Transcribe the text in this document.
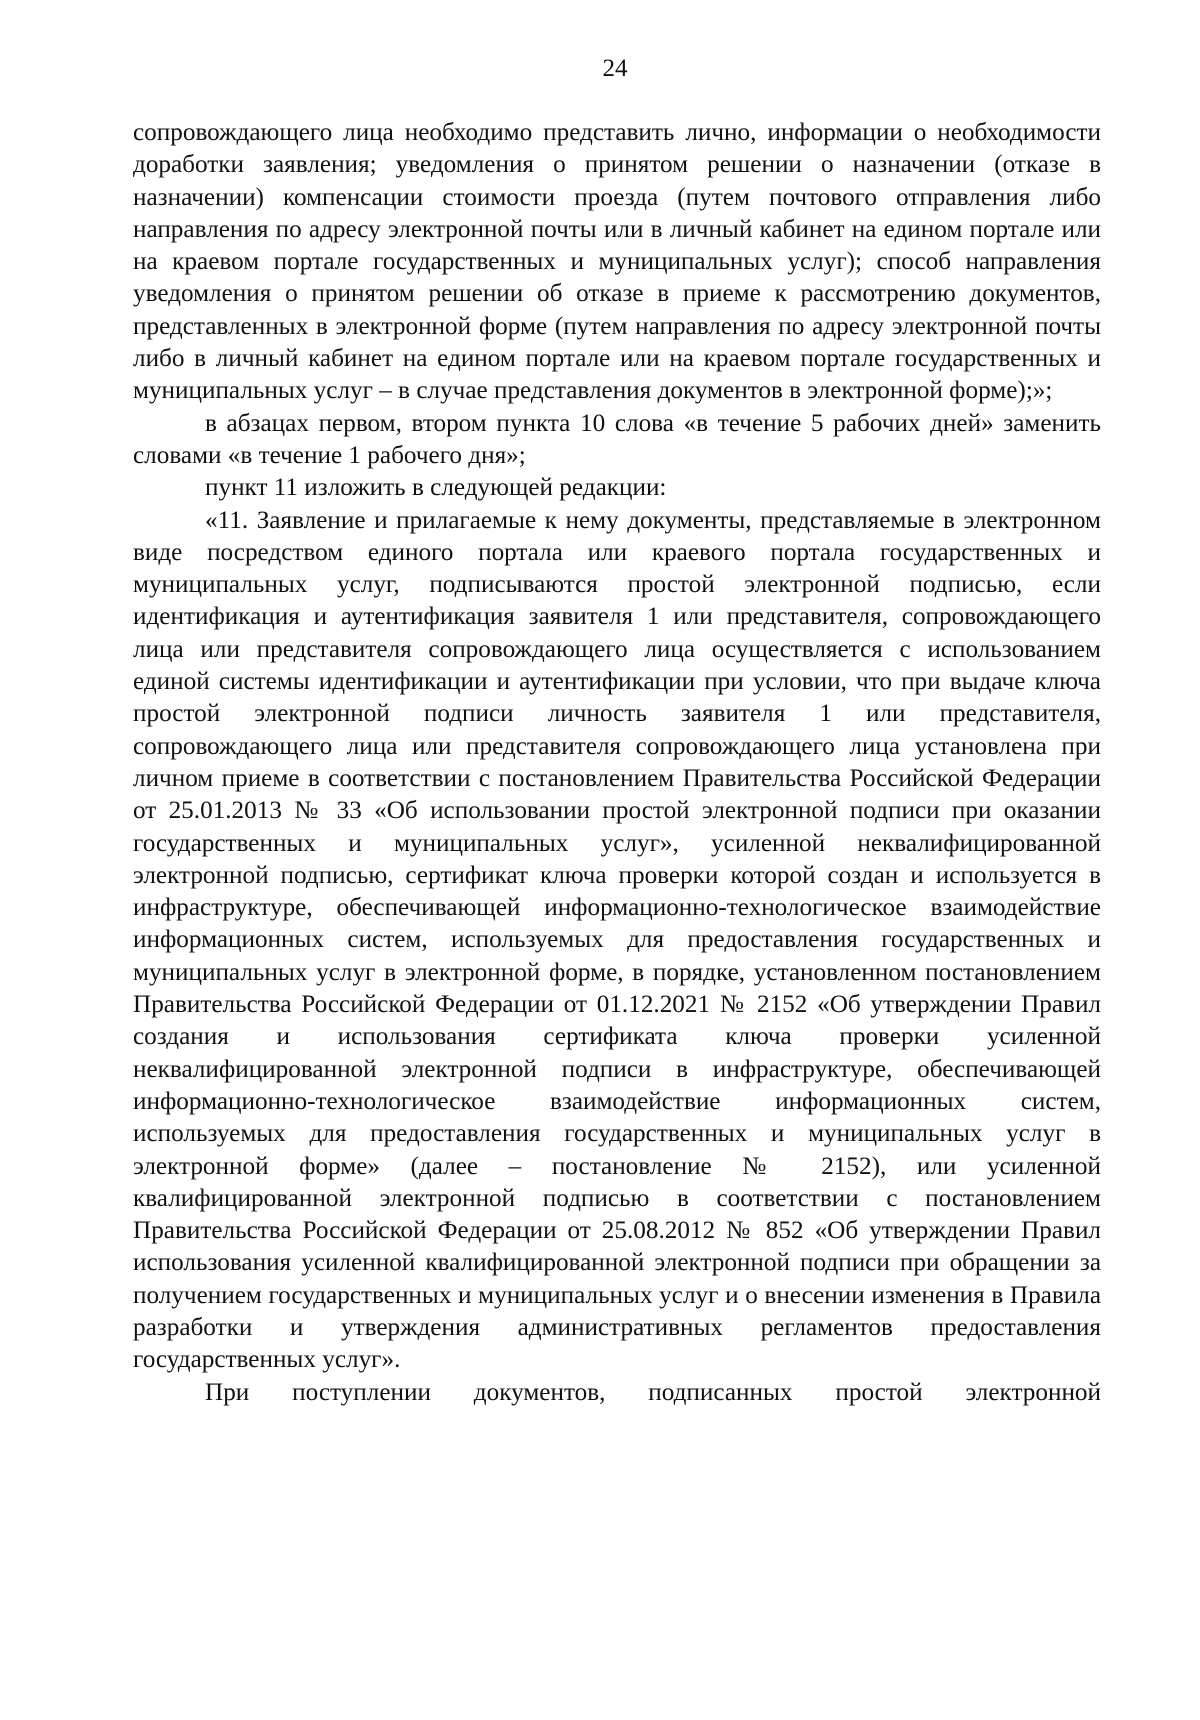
24

сопровождающего лица необходимо представить лично, информации о необходимости доработки заявления; уведомления о принятом решении о назначении (отказе в назначении) компенсации стоимости проезда (путем почтового отправления либо направления по адресу электронной почты или в личный кабинет на едином портале или на краевом портале государственных и муниципальных услуг); способ направления уведомления о принятом решении об отказе в приеме к рассмотрению документов, представленных в электронной форме (путем направления по адресу электронной почты либо в личный кабинет на едином портале или на краевом портале государственных и муниципальных услуг – в случае представления документов в электронной форме);»;

в абзацах первом, втором пункта 10 слова «в течение 5 рабочих дней» заменить словами «в течение 1 рабочего дня»;

пункт 11 изложить в следующей редакции:

«11. Заявление и прилагаемые к нему документы, представляемые в электронном виде посредством единого портала или краевого портала государственных и муниципальных услуг, подписываются простой электронной подписью, если идентификация и аутентификация заявителя 1 или представителя, сопровождающего лица или представителя сопровождающего лица осуществляется с использованием единой системы идентификации и аутентификации при условии, что при выдаче ключа простой электронной подписи личность заявителя 1 или представителя, сопровождающего лица или представителя сопровождающего лица установлена при личном приеме в соответствии с постановлением Правительства Российской Федерации от 25.01.2013 № 33 «Об использовании простой электронной подписи при оказании государственных и муниципальных услуг», усиленной неквалифицированной электронной подписью, сертификат ключа проверки которой создан и используется в инфраструктуре, обеспечивающей информационно-технологическое взаимодействие информационных систем, используемых для предоставления государственных и муниципальных услуг в электронной форме, в порядке, установленном постановлением Правительства Российской Федерации от 01.12.2021 № 2152 «Об утверждении Правил создания и использования сертификата ключа проверки усиленной неквалифицированной электронной подписи в инфраструктуре, обеспечивающей информационно-технологическое взаимодействие информационных систем, используемых для предоставления государственных и муниципальных услуг в электронной форме» (далее – постановление № 2152), или усиленной квалифицированной электронной подписью в соответствии с постановлением Правительства Российской Федерации от 25.08.2012 № 852 «Об утверждении Правил использования усиленной квалифицированной электронной подписи при обращении за получением государственных и муниципальных услуг и о внесении изменения в Правила разработки и утверждения административных регламентов предоставления государственных услуг».

При поступлении документов, подписанных простой электронной
